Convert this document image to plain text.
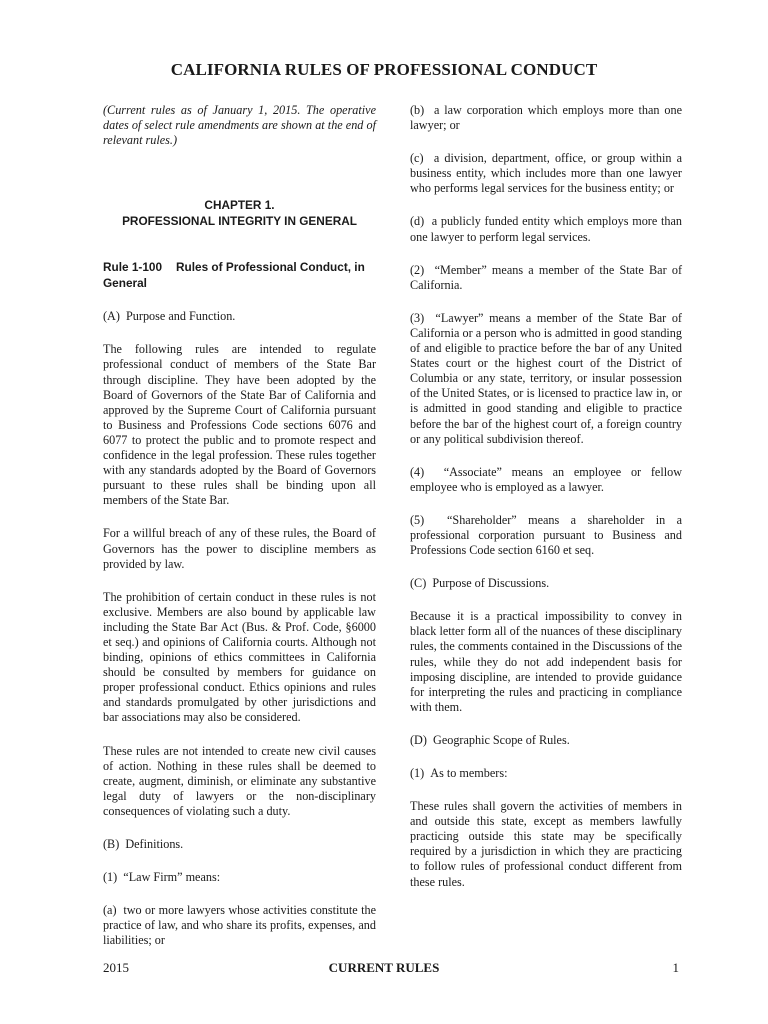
CALIFORNIA RULES OF PROFESSIONAL CONDUCT

(Current rules as of January 1, 2015. The operative dates of select rule amendments are shown at the end of relevant rules.)

CHAPTER 1.
PROFESSIONAL INTEGRITY IN GENERAL

Rule 1-100 Rules of Professional Conduct, in General

(A)  Purpose and Function.

The following rules are intended to regulate professional conduct of members of the State Bar through discipline. They have been adopted by the Board of Governors of the State Bar of California and approved by the Supreme Court of California pursuant to Business and Professions Code sections 6076 and 6077 to protect the public and to promote respect and confidence in the legal profession. These rules together with any standards adopted by the Board of Governors pursuant to these rules shall be binding upon all members of the State Bar.

For a willful breach of any of these rules, the Board of Governors has the power to discipline members as provided by law.

The prohibition of certain conduct in these rules is not exclusive. Members are also bound by applicable law including the State Bar Act (Bus. & Prof. Code, §6000 et seq.) and opinions of California courts. Although not binding, opinions of ethics committees in California should be consulted by members for guidance on proper professional conduct. Ethics opinions and rules and standards promulgated by other jurisdictions and bar associations may also be considered.

These rules are not intended to create new civil causes of action. Nothing in these rules shall be deemed to create, augment, diminish, or eliminate any substantive legal duty of lawyers or the non-disciplinary consequences of violating such a duty.

(B)  Definitions.

(1)  “Law Firm” means:

(a)  two or more lawyers whose activities constitute the practice of law, and who share its profits, expenses, and liabilities; or

(b)  a law corporation which employs more than one lawyer; or

(c)  a division, department, office, or group within a business entity, which includes more than one lawyer who performs legal services for the business entity; or

(d)  a publicly funded entity which employs more than one lawyer to perform legal services.

(2)  “Member” means a member of the State Bar of California.

(3)  “Lawyer” means a member of the State Bar of California or a person who is admitted in good standing of and eligible to practice before the bar of any United States court or the highest court of the District of Columbia or any state, territory, or insular possession of the United States, or is licensed to practice law in, or is admitted in good standing and eligible to practice before the bar of the highest court of, a foreign country or any political subdivision thereof.

(4)  “Associate” means an employee or fellow employee who is employed as a lawyer.

(5)  “Shareholder” means a shareholder in a professional corporation pursuant to Business and Professions Code section 6160 et seq.

(C)  Purpose of Discussions.

Because it is a practical impossibility to convey in black letter form all of the nuances of these disciplinary rules, the comments contained in the Discussions of the rules, while they do not add independent basis for imposing discipline, are intended to provide guidance for interpreting the rules and practicing in compliance with them.

(D)  Geographic Scope of Rules.

(1)  As to members:

These rules shall govern the activities of members in and outside this state, except as members lawfully practicing outside this state may be specifically required by a jurisdiction in which they are practicing to follow rules of professional conduct different from these rules.

2015	CURRENT RULES	1
